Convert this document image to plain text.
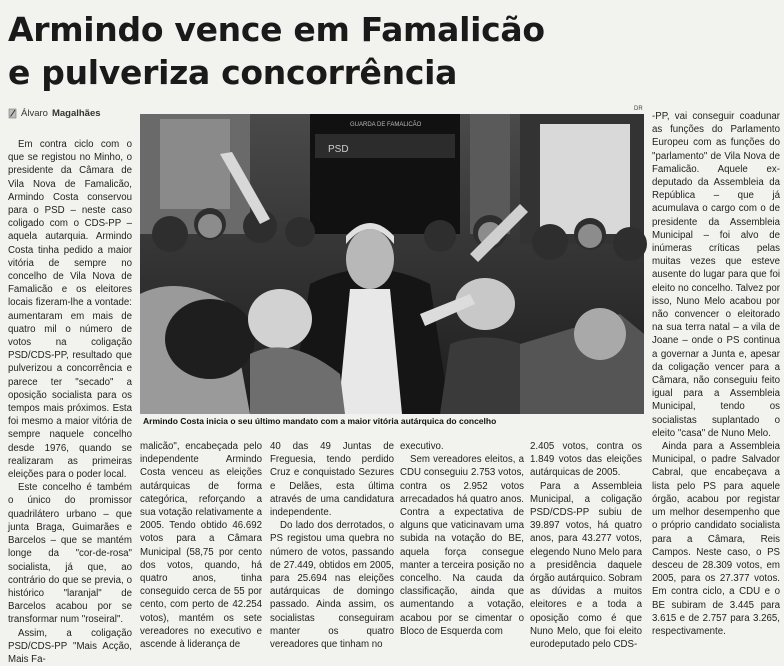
Armindo vence em Famalicão
e pulveriza concorrência
Álvaro Magalhães	DR
PSD
GUARDA DE FAMALICÃO
Armindo Costa inicia o seu último mandato com a maior vitória autárquica do concelho

Em contra ciclo com o que se registou no Minho, o presidente da Câmara de Vila Nova de Famalicão, Armindo Costa conservou para o PSD – neste caso coligado com o CDS-PP – aquela autarquia. Armindo Costa tinha pedido a maior vitória de sempre no concelho de Vila Nova de Famalicão e os eleitores locais fizeram-lhe a vontade: aumentaram em mais de quatro mil o número de votos na coligação PSD/CDS-PP, resultado que pulverizou a concorrência e parece ter "secado" a oposição socialista para os tempos mais próximos. Esta foi mesmo a maior vitória de sempre naquele concelho desde 1976, quando se realizaram as primeiras eleições para o poder local.

Este concelho é também o único do promissor quadrilátero urbano – que junta Braga, Guimarães e Barcelos – que se mantém longe da "cor-de-rosa" socialista, já que, ao contrário do que se previa, o histórico "laranjal" de Barcelos acabou por se transformar num "roseiral".

Assim, a coligação PSD/CDS-PP "Mais Acção, Mais Fa-

malicão", encabeçada pelo independente Armindo Costa venceu as eleições autárquicas de forma categórica, reforçando a sua votação relativamente a 2005. Tendo obtido 46.692 votos para a Câmara Municipal (58,75 por cento dos votos, quando, há quatro anos, tinha conseguido cerca de 55 por cento, com perto de 42.254 votos), mantém os sete vereadores no executivo e ascende à liderança de

40 das 49 Juntas de Freguesia, tendo perdido Cruz e conquistado Sezures e Delães, esta última através de uma candidatura independente.

Do lado dos derrotados, o PS registou uma quebra no número de votos, passando de 27.449, obtidos em 2005, para 25.694 nas eleições autárquicas de domingo passado. Ainda assim, os socialistas conseguiram manter os quatro vereadores que tinham no

executivo.

Sem vereadores eleitos, a CDU conseguiu 2.753 votos, contra os 2.952 votos arrecadados há quatro anos. Contra a expectativa de alguns que vaticinavam uma subida na votação do BE, aquela força consegue manter a terceira posição no concelho. Na cauda da classificação, ainda que aumentando a votação, acabou por se cimentar o Bloco de Esquerda com

2.405 votos, contra os 1.849 votos das eleições autárquicas de 2005.

Para a Assembleia Municipal, a coligação PSD/CDS-PP subiu de 39.897 votos, há quatro anos, para 43.277 votos, elegendo Nuno Melo para a presidência daquele órgão autárquico. Sobram as dúvidas a muitos eleitores e a toda a oposição como é que Nuno Melo, que foi eleito eurodeputado pelo CDS-

-PP, vai conseguir coadunar as funções do Parlamento Europeu com as funções do "parlamento" de Vila Nova de Famalicão. Aquele ex-deputado da Assembleia da República – que já acumulava o cargo com o de presidente da Assembleia Municipal – foi alvo de inúmeras críticas pelas muitas vezes que esteve ausente do lugar para que foi eleito no concelho. Talvez por isso, Nuno Melo acabou por não convencer o eleitorado na sua terra natal – a vila de Joane – onde o PS continua a governar a Junta e, apesar da coligação vencer para a Câmara, não conseguiu feito igual para a Assembleia Municipal, tendo os socialistas suplantado o eleito "casa" de Nuno Melo.

Ainda para a Assembleia Municipal, o padre Salvador Cabral, que encabeçava a lista pelo PS para aquele órgão, acabou por registar um melhor desempenho que o próprio candidato socialista para a Câmara, Reis Campos. Neste caso, o PS desceu de 28.309 votos, em 2005, para os 27.377 votos. Em contra ciclo, a CDU e o BE subiram de 3.445 para 3.615 e de 2.757 para 3.265, respectivamente.
